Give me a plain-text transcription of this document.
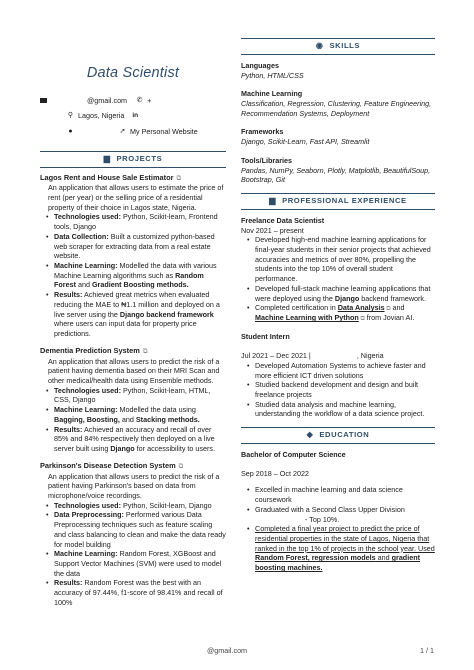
Data Scientist
@gmail.com ✆ +
⚲ Lagos, Nigeria in
●	➚ My Personal Website
▆ PROJECTS
Lagos Rent and House Sale Estimator ⧉
An application that allows users to estimate the price of rent (per year) or the selling price of a residential property of their choice in Lagos state, Nigeria.
• Technologies used: Python, Scikit-learn, Frontend tools, Django
• Data Collection: Built a customized python-based web scraper for extracting data from a real estate website.
• Machine Learning: Modelled the data with various Machine Learning algorithms such as Random Forest and Gradient Boosting methods.
• Results: Achieved great metrics when evaluated reducing the MAE to ₦1.1 million and deployed on a live server using the Django backend framework where users can input data for property price predictions.
Dementia Prediction System ⧉
An application that allows users to predict the risk of a patient having dementia based on their MRI Scan and other medical/health data using Ensemble methods.
• Technologies used: Python, Scikit-learn, HTML, CSS, Django
• Machine Learning: Modelled the data using Bagging, Boosting, and Stacking methods.
• Results: Achieved an accuracy and recall of over 85% and 84% respectively then deployed on a live server built using Django for accessibility to users.
Parkinson's Disease Detection System ⧉
An application that allows users to predict the risk of a patient having Parkinson's based on data from microphone/voice recordings.
• Technologies used: Python, Scikit-learn, Django
• Data Preprocessing: Performed various Data Preprocessing techniques such as feature scaling and class balancing to clean and make the data ready for model building
• Machine Learning: Random Forest, XGBoost and Support Vector Machines (SVM) were used to model the data
• Results: Random Forest was the best with an accuracy of 97.44%, f1-score of 98.41% and recall of 100%
◉ SKILLS
Languages
Python, HTML/CSS
Machine Learning
Classification, Regression, Clustering, Feature Engineering, Recommendation Systems, Deployment
Frameworks
Django, Scikit-Learn, Fast API, Streamlit
Tools/Libraries
Pandas, NumPy, Seaborn, Plotly, Matplotlib, BeautifulSoup, Bootstrap, Git
▆ PROFESSIONAL EXPERIENCE
Freelance Data Scientist
Nov 2021 – present
• Developed high-end machine learning applications for final-year students in their senior projects that achieved accuracies and metrics of over 80%, propelling the students into the top 10% of overall student performance.
• Developed full-stack machine learning applications that were deployed using the Django backend framework.
• Completed certification in Data Analysis ⧉ and Machine Learning with Python ⧉ from Jovian AI.
Student Intern
Jul 2021 – Dec 2021 |	, Nigeria
• Developed Automation Systems to achieve faster and more efficient ICT driven solutions
• Studied backend development and design and built freelance projects
• Studied data analysis and machine learning, understanding the workflow of a data science project.
◆ EDUCATION
Bachelor of Computer Science
Sep 2018 – Oct 2022
• Excelled in machine learning and data science coursework
• Graduated with a Second Class Upper Division
- Top 10%.
• Completed a final year project to predict the price of residential properties in the state of Lagos, Nigeria that ranked in the top 1% of projects in the school year. Used Random Forest, regression models and gradient boosting machines.
@gmail.com	1 / 1
